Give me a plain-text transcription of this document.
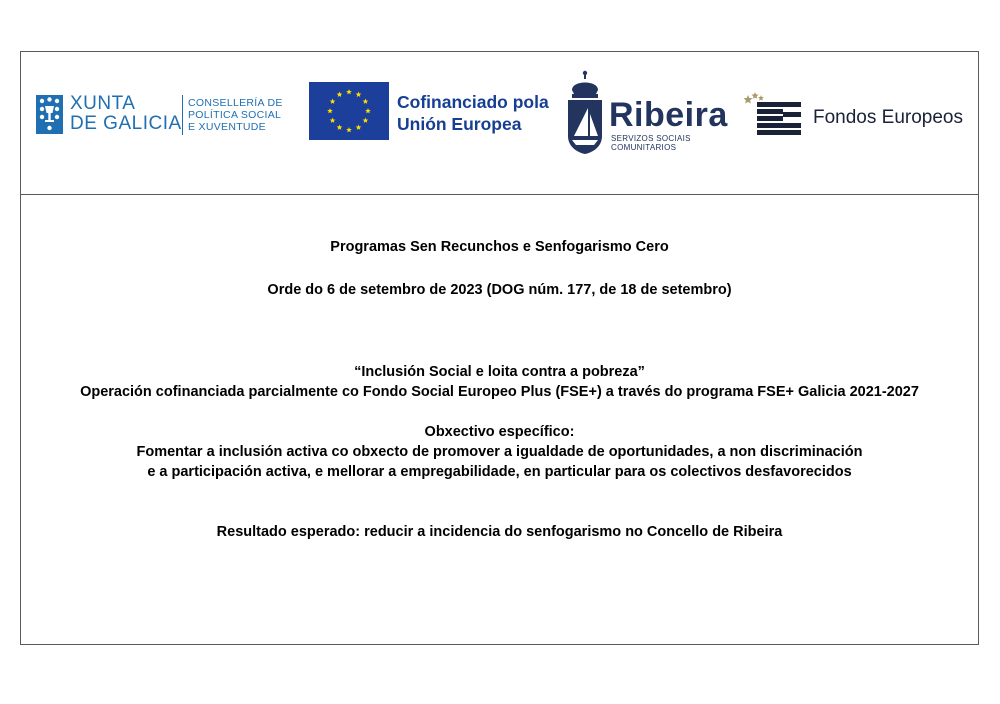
XUNTA
DE GALICIA
CONSELLERÍA DE
POLÍTICA SOCIAL
E XUVENTUDE
Cofinanciado pola
Unión Europea	Ribeira
SERVIZOS SOCIAIS
COMUNITARIOS
Fondos Europeos
Programas Sen Recunchos e Senfogarismo Cero
Orde do 6 de setembro de 2023 (DOG núm. 177, de 18 de setembro)
“Inclusión Social e loita contra a pobreza”
Operación cofinanciada parcialmente co Fondo Social Europeo Plus (FSE+) a través do programa FSE+ Galicia 2021-2027
Obxectivo específico:
Fomentar a inclusión activa co obxecto de promover a igualdade de oportunidades, a non discriminación
e a participación activa, e mellorar a empregabilidade, en particular para os colectivos desfavorecidos
Resultado esperado: reducir a incidencia do senfogarismo no Concello de Ribeira
